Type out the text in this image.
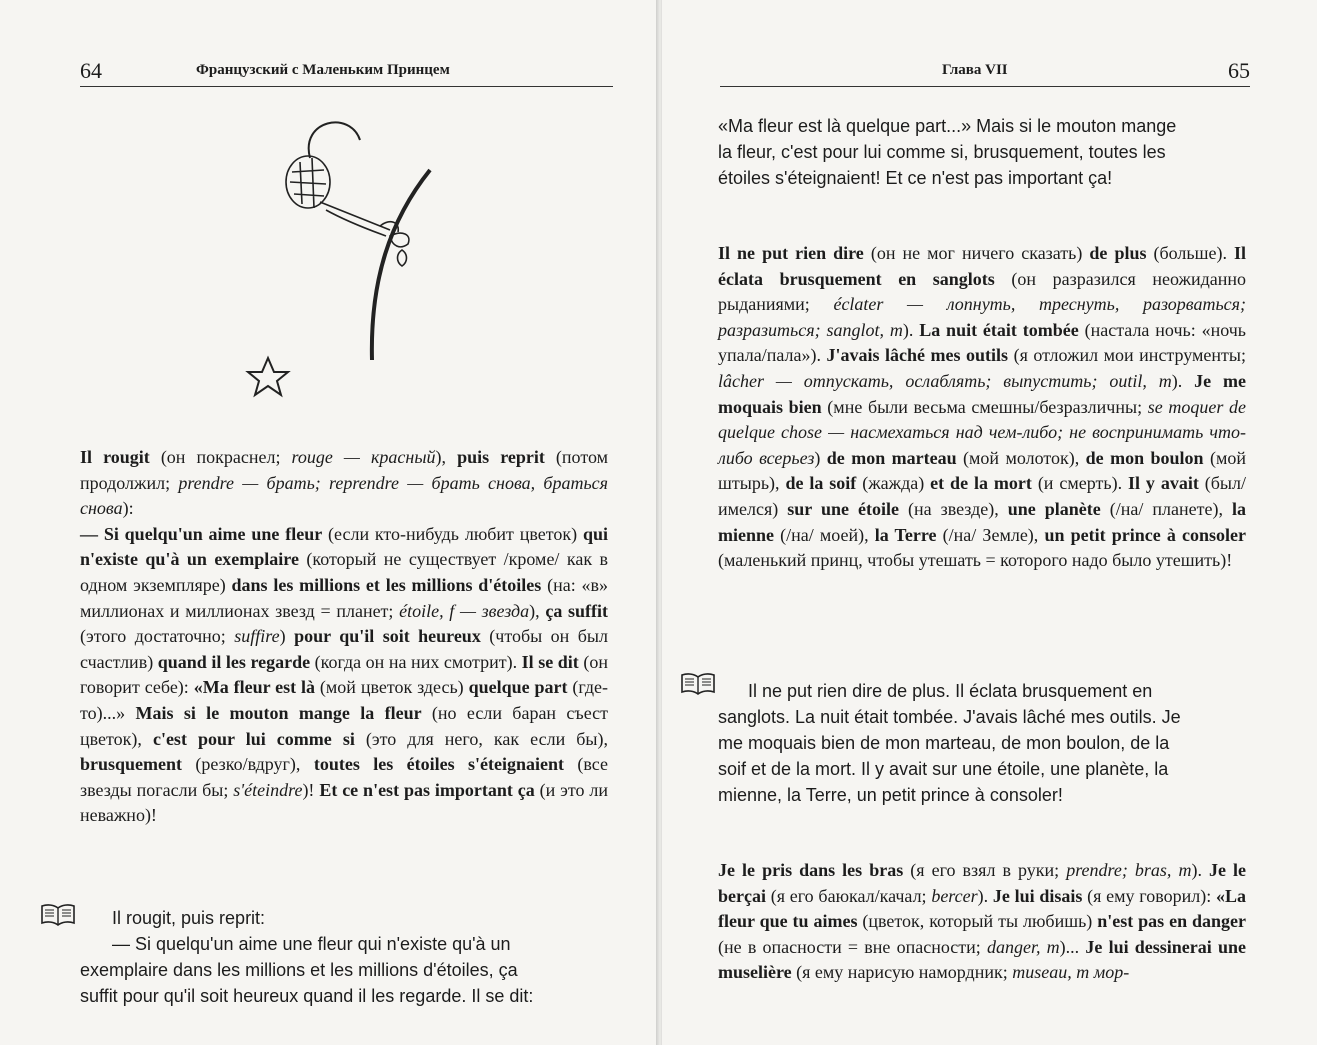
64	Французский с Маленьким Принцем
Il rougit (он покраснел; rouge — красный), puis reprit (потом продолжил; prendre — брать; reprendre — брать снова, браться снова):
— Si quelqu'un aime une fleur (если кто-нибудь любит цветок) qui n'existe qu'à un exemplaire (который не существует /кроме/ как в одном экземпляре) dans les millions et les millions d'étoiles (на: «в» миллионах и миллионах звезд = планет; étoile, f — звезда), ça suffit (этого достаточно; suffire) pour qu'il soit heureux (чтобы он был счастлив) quand il les regarde (когда он на них смотрит). Il se dit (он говорит себе): «Ma fleur est là (мой цветок здесь) quelque part (где-то)...» Mais si le mouton mange la fleur (но если баран съест цветок), c'est pour lui comme si (это для него, как если бы), brusquement (резко/вдруг), toutes les étoiles s'éteignaient (все звезды погасли бы; s'éteindre)! Et ce n'est pas important ça (и это ли неважно)!
Il rougit, puis reprit:
— Si quelqu'un aime une fleur qui n'existe qu'à un
exemplaire dans les millions et les millions d'étoiles, ça
suffit pour qu'il soit heureux quand il les regarde. Il se dit:
Глава VII	65
«Ma fleur est là quelque part...» Mais si le mouton mange
la fleur, c'est pour lui comme si, brusquement, toutes les
étoiles s'éteignaient! Et ce n'est pas important ça!
Il ne put rien dire (он не мог ничего сказать) de plus (больше). Il éclata brusquement en sanglots (он разразился неожиданно рыданиями; éclater — лопнуть, треснуть, разорваться; разразиться; sanglot, m). La nuit était tombée (настала ночь: «ночь упала/пала»). J'avais lâché mes outils (я отложил мои инструменты; lâcher — отпускать, ослаблять; выпустить; outil, m). Je me moquais bien (мне были весьма смешны/безразличны; se moquer de quelque chose — насмехаться над чем-либо; не воспринимать что-либо всерьез) de mon marteau (мой молоток), de mon boulon (мой штырь), de la soif (жажда) et de la mort (и смерть). Il y avait (был/имелся) sur une étoile (на звезде), une planète (/на/ планете), la mienne (/на/ моей), la Terre (/на/ Земле), un petit prince à consoler (маленький принц, чтобы утешать = которого надо было утешить)!
Il ne put rien dire de plus. Il éclata brusquement en
sanglots. La nuit était tombée. J'avais lâché mes outils. Je
me moquais bien de mon marteau, de mon boulon, de la
soif et de la mort. Il y avait sur une étoile, une planète, la
mienne, la Terre, un petit prince à consoler!
Je le pris dans les bras (я его взял в руки; prendre; bras, m). Je le berçai (я его баюкал/качал; bercer). Je lui disais (я ему говорил): «La fleur que tu aimes (цветок, который ты любишь) n'est pas en danger (не в опасности = вне опасности; danger, m)... Je lui dessinerai une muselière (я ему нарисую намордник; museau, m мор-
